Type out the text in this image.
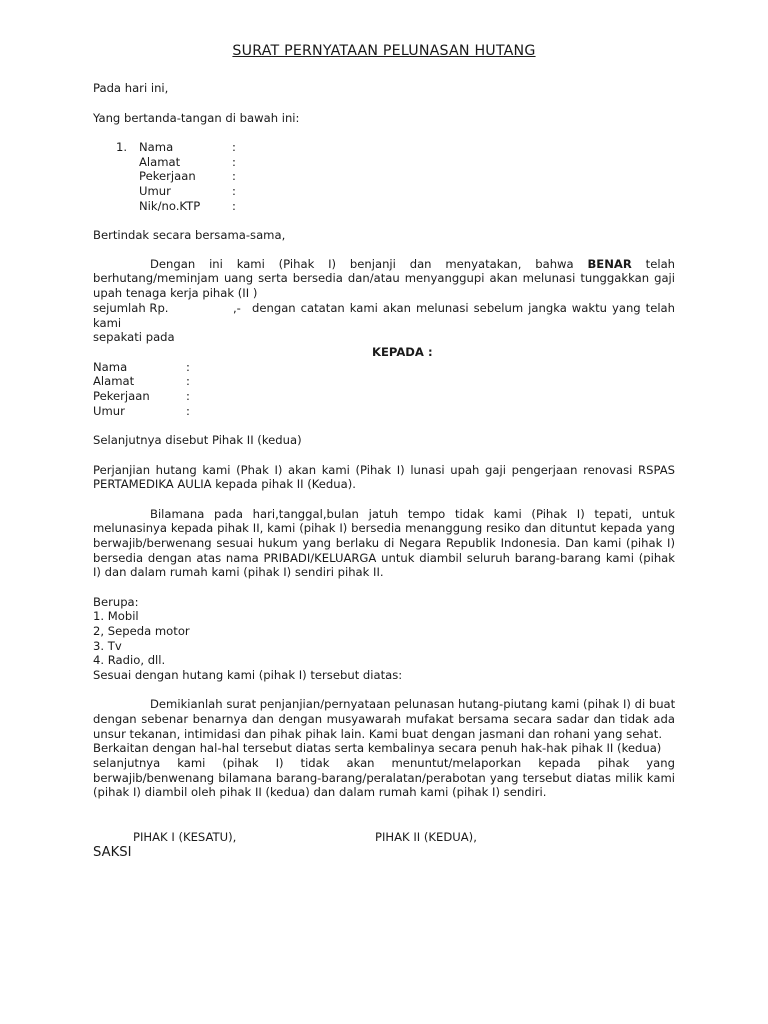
SURAT PERNYATAAN PELUNASAN HUTANG
Pada hari ini,
Yang bertanda-tangan di bawah ini:
1. Nama	:
Alamat	:
Pekerjaan	:
Umur	:
Nik/no.KTP	:
Bertindak secara bersama-sama,
Dengan ini kami (Pihak I) benjanji dan menyatakan, bahwa BENAR telah
berhutang/meminjam uang serta bersedia dan/atau menyanggupi akan melunasi tunggakkan gaji
upah tenaga kerja pihak (II )
sejumlah Rp.	,- dengan catatan kami akan melunasi sebelum jangka waktu yang telah
kami
sepakati pada
KEPADA :
Nama	:
Alamat	:
Pekerjaan	:
Umur	:
Selanjutnya disebut Pihak II (kedua)
Perjanjian hutang kami (Phak I) akan kami (Pihak I) lunasi upah gaji pengerjaan renovasi RSPAS
PERTAMEDIKA AULIA kepada pihak II (Kedua).
Bilamana pada hari,tanggal,bulan jatuh tempo tidak kami (Pihak I) tepati, untuk
melunasinya kepada pihak II, kami (pihak I) bersedia menanggung resiko dan dituntut kepada yang
berwajib/berwenang sesuai hukum yang berlaku di Negara Republik Indonesia. Dan kami (pihak I)
bersedia dengan atas nama PRIBADI/KELUARGA untuk diambil seluruh barang-barang kami (pihak
I) dan dalam rumah kami (pihak I) sendiri pihak II.
Berupa:
1. Mobil
2, Sepeda motor
3. Tv
4. Radio, dll.
Sesuai dengan hutang kami (pihak I) tersebut diatas:
Demikianlah surat penjanjian/pernyataan pelunasan hutang-piutang kami (pihak I) di buat
dengan sebenar benarnya dan dengan musyawarah mufakat bersama secara sadar dan tidak ada
unsur tekanan, intimidasi dan pihak pihak lain. Kami buat dengan jasmani dan rohani yang sehat.
Berkaitan dengan hal-hal tersebut diatas serta kembalinya secara penuh hak-hak pihak II (kedua)
selanjutnya kami (pihak I) tidak akan menuntut/melaporkan kepada pihak yang
berwajib/benwenang bilamana barang-barang/peralatan/perabotan yang tersebut diatas milik kami
(pihak I) diambil oleh pihak II (kedua) dan dalam rumah kami (pihak I) sendiri.
PIHAK I (KESATU),	PIHAK II (KEDUA),
SAKSI
